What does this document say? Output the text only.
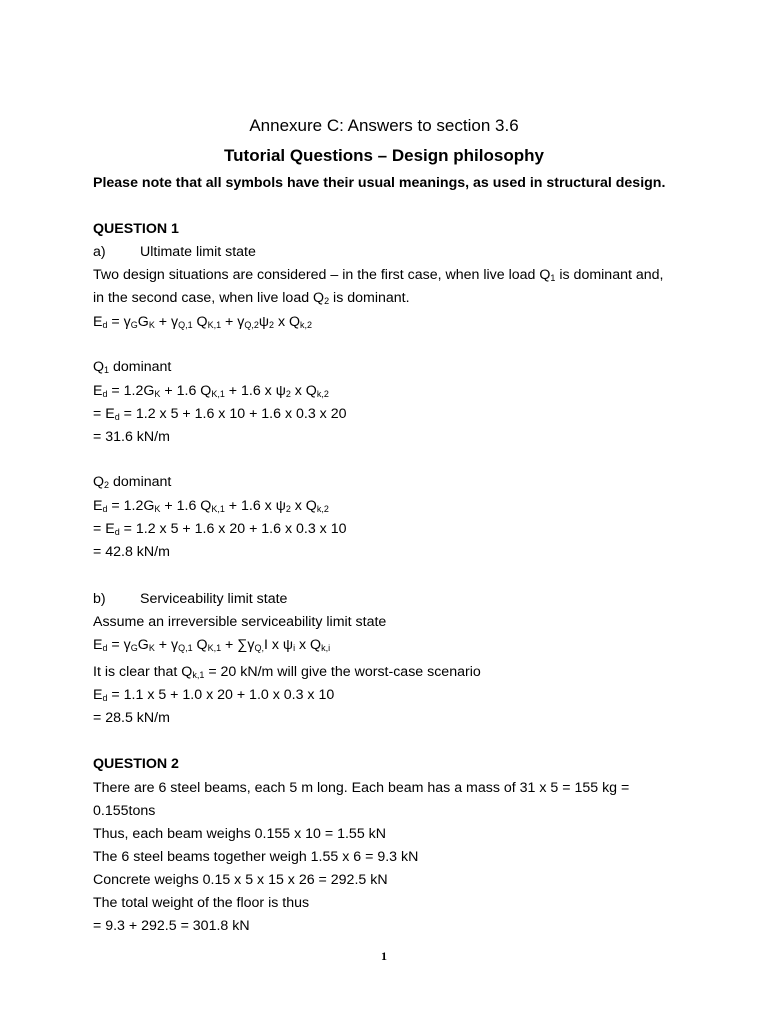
Annexure C: Answers to section 3.6
Tutorial Questions – Design philosophy
Please note that all symbols have their usual meanings, as used in structural design.
QUESTION 1
a) Ultimate limit state
Two design situations are considered – in the first case, when live load $Q_1$ is dominant and,
in the second case, when live load $Q_2$ is dominant.
$E_d = \gamma_GG_K + \gamma_{Q,1}$ $Q_{K,1} + \gamma_{Q,2}\psi_2$ x $Q_{k,2}$
$Q_1$ dominant
$E_d = 1.2G_K + 1.6$ $Q_{K,1} + 1.6$ x $\psi_2$ x $Q_{k,2}$
= $E_d = 1.2$ x 5 + 1.6 x 10 + 1.6 x 0.3 x 20
= 31.6 kN/m
$Q_2$ dominant
$E_d = 1.2G_K + 1.6$ $Q_{K,1} + 1.6$ x $\psi_2$ x $Q_{k,2}$
= $E_d = 1.2$ x 5 + 1.6 x 20 + 1.6 x 0.3 x 10
= 42.8 kN/m
b) Serviceability limit state
Assume an irreversible serviceability limit state
$E_d = \gamma_GG_K + \gamma_{Q,1}$ $Q_{K,1} + \sum\gamma_{Q,}I$ x $\psi_i$ x $Q_{k,i}$
It is clear that $Q_{k,1} = 20$ kN/m will give the worst-case scenario
$E_d = 1.1$ x 5 + 1.0 x 20 + 1.0 x 0.3 x 10
= 28.5 kN/m
QUESTION 2
There are 6 steel beams, each 5 m long. Each beam has a mass of 31 x 5 = 155 kg =
0.155tons
Thus, each beam weighs 0.155 x 10 = 1.55 kN
The 6 steel beams together weigh 1.55 x 6 = 9.3 kN
Concrete weighs 0.15 x 5 x 15 x 26 = 292.5 kN
The total weight of the floor is thus
= 9.3 + 292.5 = 301.8 kN
1
